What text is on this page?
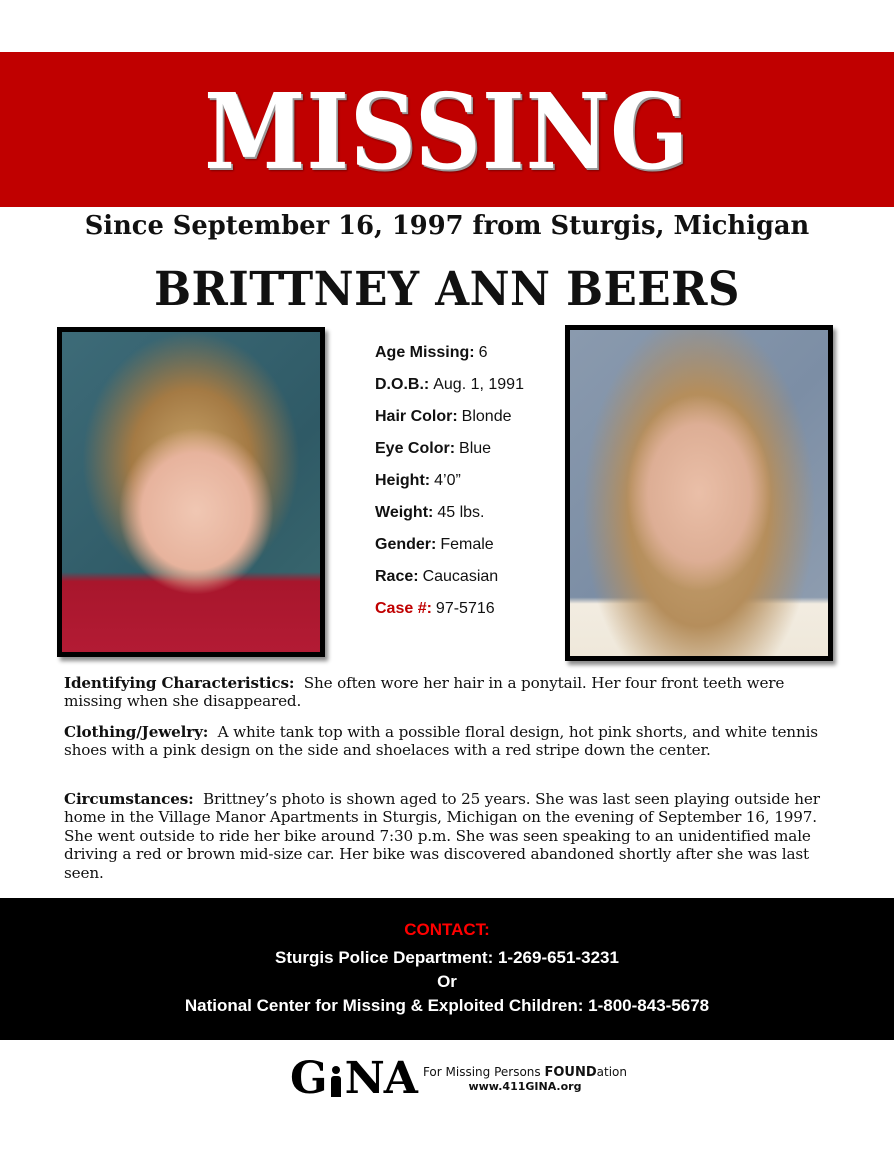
MISSING
Since September 16, 1997 from Sturgis, Michigan
BRITTNEY ANN BEERS
Age Missing: 6
D.O.B.: Aug. 1, 1991
Hair Color: Blonde
Eye Color: Blue
Height: 4’0”
Weight: 45 lbs.
Gender: Female
Race: Caucasian
Case #: 97-5716

Identifying Characteristics: She often wore her hair in a ponytail. Her four front teeth were missing when she disappeared.

Clothing/Jewelry: A white tank top with a possible floral design, hot pink shorts, and white tennis shoes with a pink design on the side and shoelaces with a red stripe down the center.

Circumstances: Brittney’s photo is shown aged to 25 years. She was last seen playing outside her home in the Village Manor Apartments in Sturgis, Michigan on the evening of September 16, 1997. She went outside to ride her bike around 7:30 p.m. She was seen speaking to an unidentified male driving a red or brown mid-size car. Her bike was discovered abandoned shortly after she was last seen.

CONTACT:
Sturgis Police Department: 1-269-651-3231
Or
National Center for Missing & Exploited Children: 1-800-843-5678
G NA For Missing Persons FOUNDation
www.411GINA.org
